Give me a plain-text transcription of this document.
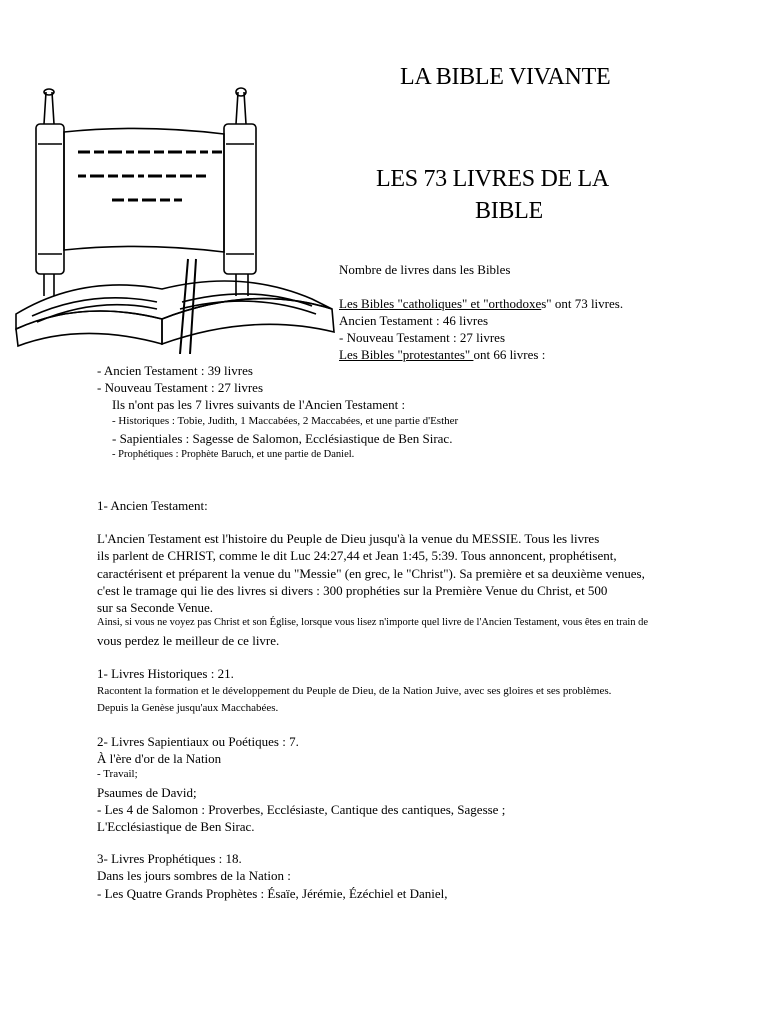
LA BIBLE VIVANTE
LES 73 LIVRES DE LA
BIBLE
Nombre de livres dans les Bibles
Les Bibles "catholiques" et "orthodoxes" ont 73 livres.
Ancien Testament : 46 livres
- Nouveau Testament : 27 livres
Les Bibles "protestantes" ont 66 livres :
- Ancien Testament : 39 livres
- Nouveau Testament : 27 livres
Ils n'ont pas les 7 livres suivants de l'Ancien Testament :
- Historiques : Tobie, Judith, 1 Maccabées, 2 Maccabées, et une partie d'Esther
- Sapientiales : Sagesse de Salomon, Ecclésiastique de Ben Sirac.
- Prophétiques : Prophète Baruch, et une partie de Daniel.
1- Ancien Testament:
L'Ancien Testament est l'histoire du Peuple de Dieu jusqu'à la venue du MESSIE. Tous les livres
ils parlent de CHRIST, comme le dit Luc 24:27,44 et Jean 1:45, 5:39. Tous annoncent, prophétisent,
caractérisent et préparent la venue du "Messie" (en grec, le "Christ"). Sa première et sa deuxième venues,
c'est le tramage qui lie des livres si divers : 300 prophéties sur la Première Venue du Christ, et 500
sur sa Seconde Venue.
Ainsi, si vous ne voyez pas Christ et son Église, lorsque vous lisez n'importe quel livre de l'Ancien Testament, vous êtes en train de
vous perdez le meilleur de ce livre.
1- Livres Historiques : 21.
Racontent la formation et le développement du Peuple de Dieu, de la Nation Juive, avec ses gloires et ses problèmes.
Depuis la Genèse jusqu'aux Macchabées.
2- Livres Sapientiaux ou Poétiques : 7.
À l'ère d'or de la Nation
- Travail;
Psaumes de David;
- Les 4 de Salomon : Proverbes, Ecclésiaste, Cantique des cantiques, Sagesse ;
L'Ecclésiastique de Ben Sirac.
3- Livres Prophétiques : 18.
Dans les jours sombres de la Nation :
- Les Quatre Grands Prophètes : Ésaïe, Jérémie, Ézéchiel et Daniel,
